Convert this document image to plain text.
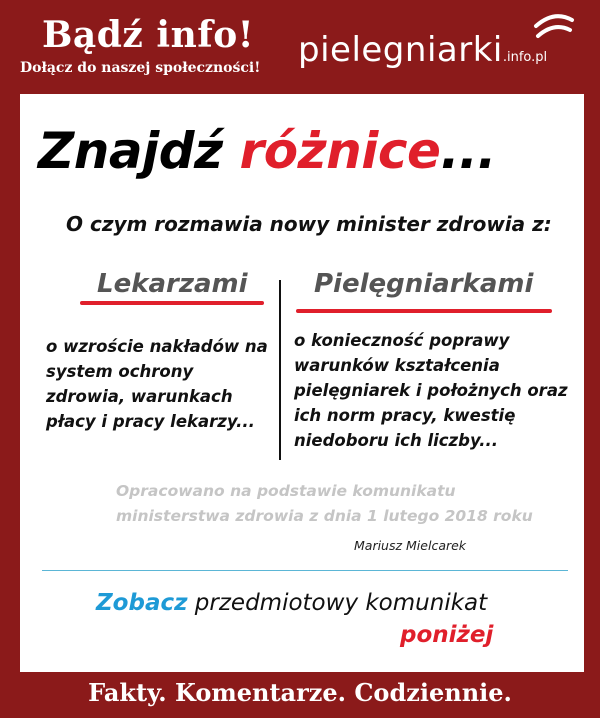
Bądź info!
Dołącz do naszej społeczności! pielegniarki.info.pl
Znajdź różnice...
O czym rozmawia nowy minister zdrowia z:
Lekarzami	Pielęgniarkami
o wzroście nakładów na system ochrony zdrowia, warunkach płacy i pracy lekarzy...
o konieczność poprawy warunków kształcenia pielęgniarek i położnych oraz ich norm pracy, kwestię niedoboru ich liczby...
Opracowano na podstawie komunikatu ministerstwa zdrowia z dnia 1 lutego 2018 roku
Mariusz Mielcarek
Zobacz przedmiotowy komunikat
poniżej
Fakty. Komentarze. Codziennie.
